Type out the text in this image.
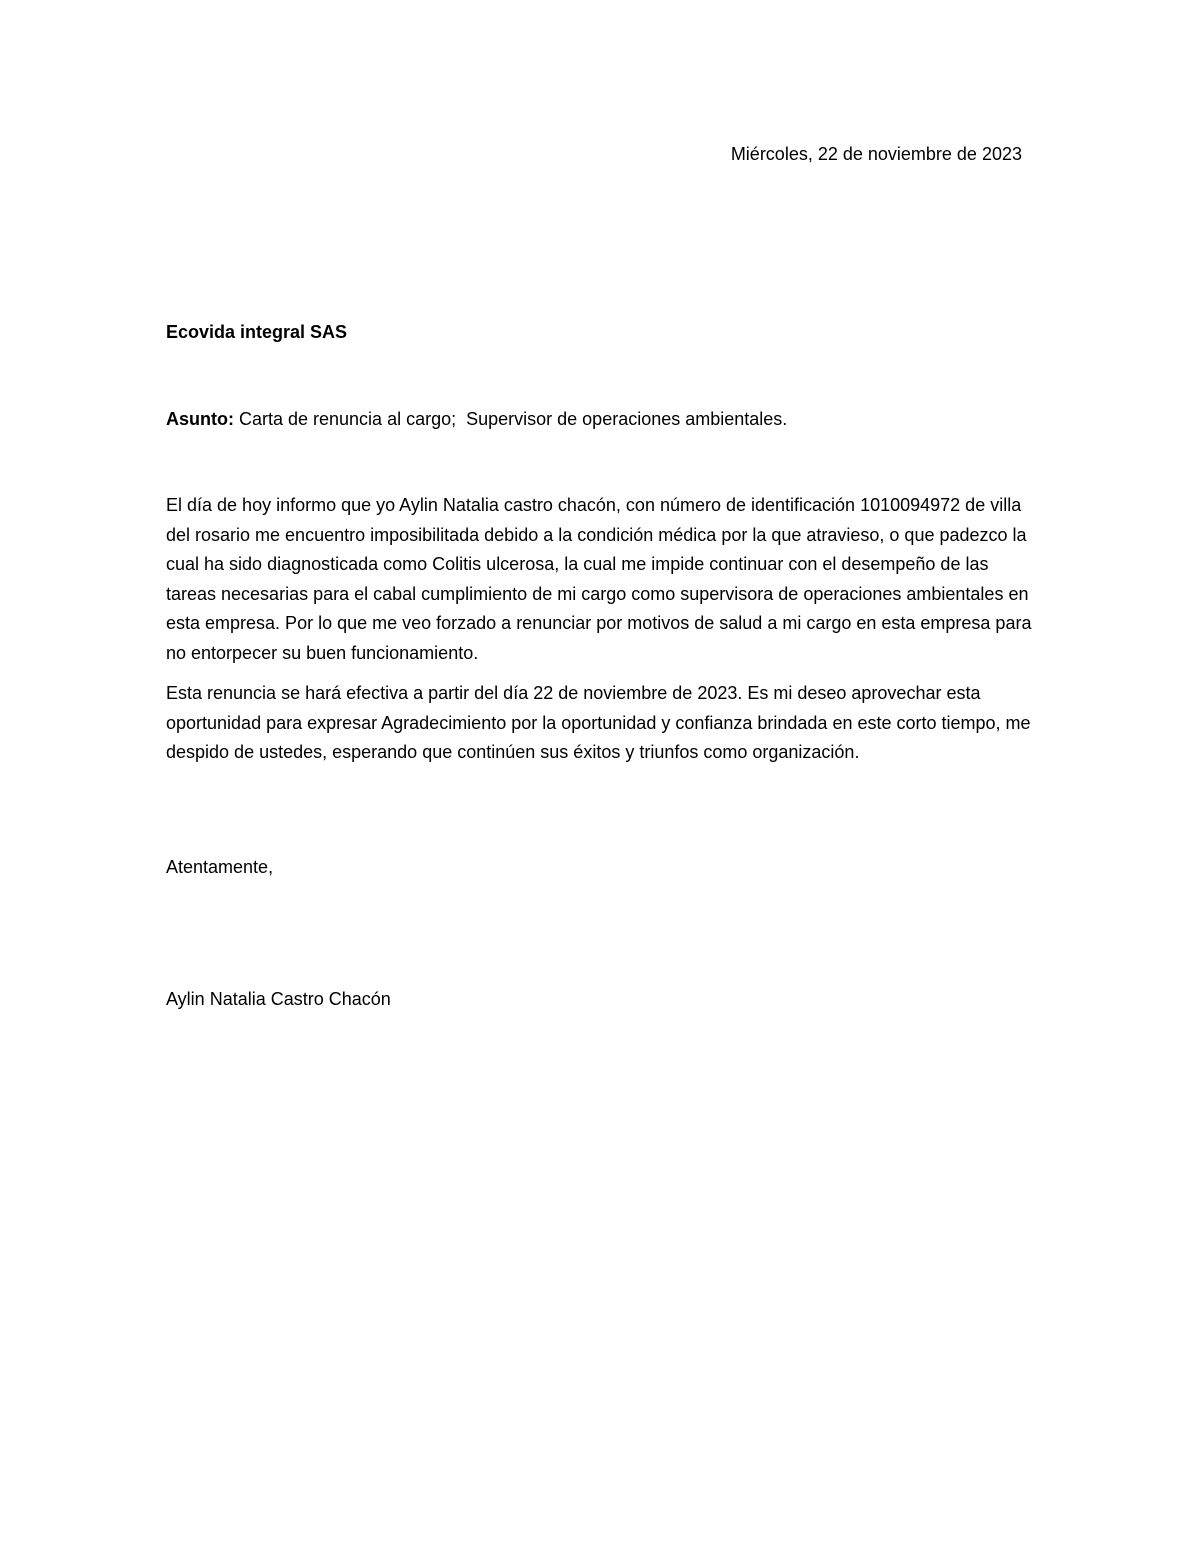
Miércoles, 22 de noviembre de 2023
Ecovida integral SAS
Asunto: Carta de renuncia al cargo;  Supervisor de operaciones ambientales.

El día de hoy informo que yo Aylin Natalia castro chacón, con número de identificación 1010094972 de villa del rosario me encuentro imposibilitada debido a la condición médica por la que atravieso, o que padezco la cual ha sido diagnosticada como Colitis ulcerosa, la cual me impide continuar con el desempeño de las tareas necesarias para el cabal cumplimiento de mi cargo como supervisora de operaciones ambientales en esta empresa. Por lo que me veo forzado a renunciar por motivos de salud a mi cargo en esta empresa para no entorpecer su buen funcionamiento.

Esta renuncia se hará efectiva a partir del día 22 de noviembre de 2023. Es mi deseo aprovechar esta oportunidad para expresar Agradecimiento por la oportunidad y confianza brindada en este corto tiempo, me despido de ustedes, esperando que continúen sus éxitos y triunfos como organización.

Atentamente,
Aylin Natalia Castro Chacón
